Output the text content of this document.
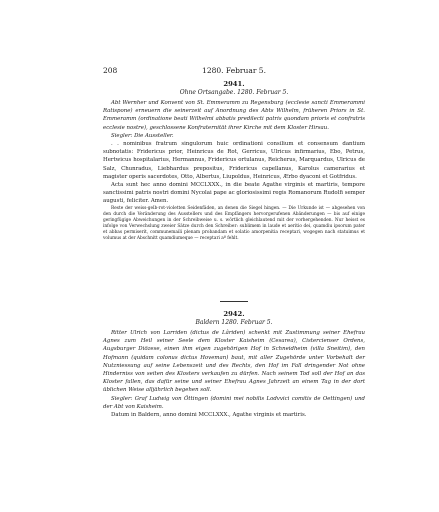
208	1280. Februar 5.
2941.
Ohne Ortsangabe. 1280. Februar 5.

Abt Wernher und Konvent von St. Emmeramm zu Regensburg (ecclesie sancti Emmerammi Ratispone) erneuern die seinerzeit auf Anordnung des Abts Wilhelm, früheren Priors in St. Emmeramm (ordinatione beati Wilhelmi abbatis predilecti patris quondam prioris et confratris ecclesie nostre), geschlossene Konfraternität ihrer Kirche mit dem Kloster Hirsau.

Siegler: Die Aussteller.

. . nominibus fratrum singulorum huic ordinationi consilium et consensum dantium subnotatis: Fridericus prior, Heinricus de Rot, Gerricus, Ulricus infirmarius, Ebo, Petrus, Hertwicus hospitalarius, Hermannus, Fridericus ortulanus, Reicherus, Marquardus, Ulricus de Salz, Chunradus, Liebhardus prepositus, Fridericus capellanus, Karolus camerarius et magister operis sacerdotes, Otto, Albertus, Liupoldus, Heinricus, Ærbo dyaconi et Gotfridus.

Acta sunt hec anno domini MCCLXXX., in die beate Agathe virginis et martiris, tempore sanctissimi patris nostri domini Nycolai pape ac gloriosissimi regis Romanorum Rudolfi semper augusti, feliciter. Amen.

Reste der weiss-gelb-rot-violetten Seidenfäden, an denen die Siegel hingen. — Die Urkunde ist — abgesehen von den durch die Veränderung des Ausstellers und des Empfängers hervorgerufenen Abänderungen — bis auf einige geringfügige Abweichungen in der Schreibweise u. s. wörtlich gleichlautend mit der vorhergehenden. Nur heisst es infolge von Verwechslung zweier Sätze durch den Schreiber: sublimem in laude et aeritio dei, quamdiu ipsorum pater et abbas permiserit, communemaili plenam probandam et solatio amorpenitia receptari, wogegen nach statuimus et volumus at der Abschnitt quamdiumeque — receptari aº fehlt.

2942.
Baldern 1280. Februar 5.

Ritter Ulrich von Larriden (dictus de Lâriden) schenkt mit Zustimmung seiner Ehefrau Agnes zum Heil seiner Seele dem Kloster Kaisheim (Cesarea), Cistercienser Ordens, Augsburger Diözese, einen ihm eigen zugehörigen Hof in Schneidheim (villa Sneitim), den Hofmann (quidam colonus dictus Hoveman) baut, mit aller Zugehörde unter Vorbehalt der Nutzniessung auf seine Lebenszeit und des Rechts, den Hof im Fall dringender Not ohne Hinderniss von seiten des Klosters verkaufen zu dürfen. Nach seinem Tod soll der Hof an das Kloster fallen, das dafür seine und seiner Ehefrau Agnes Jahrzeit an einem Tag in der dort üblichen Weise alljährlich begehen soll.

Siegler: Graf Ludwig von Öttingen (domini mei nobilis Lodvvici comitis de Oettingen) und der Abt von Kaisheim.

Datum in Baldern, anno domini MCCLXXX., Agathe virginis et martiris.
